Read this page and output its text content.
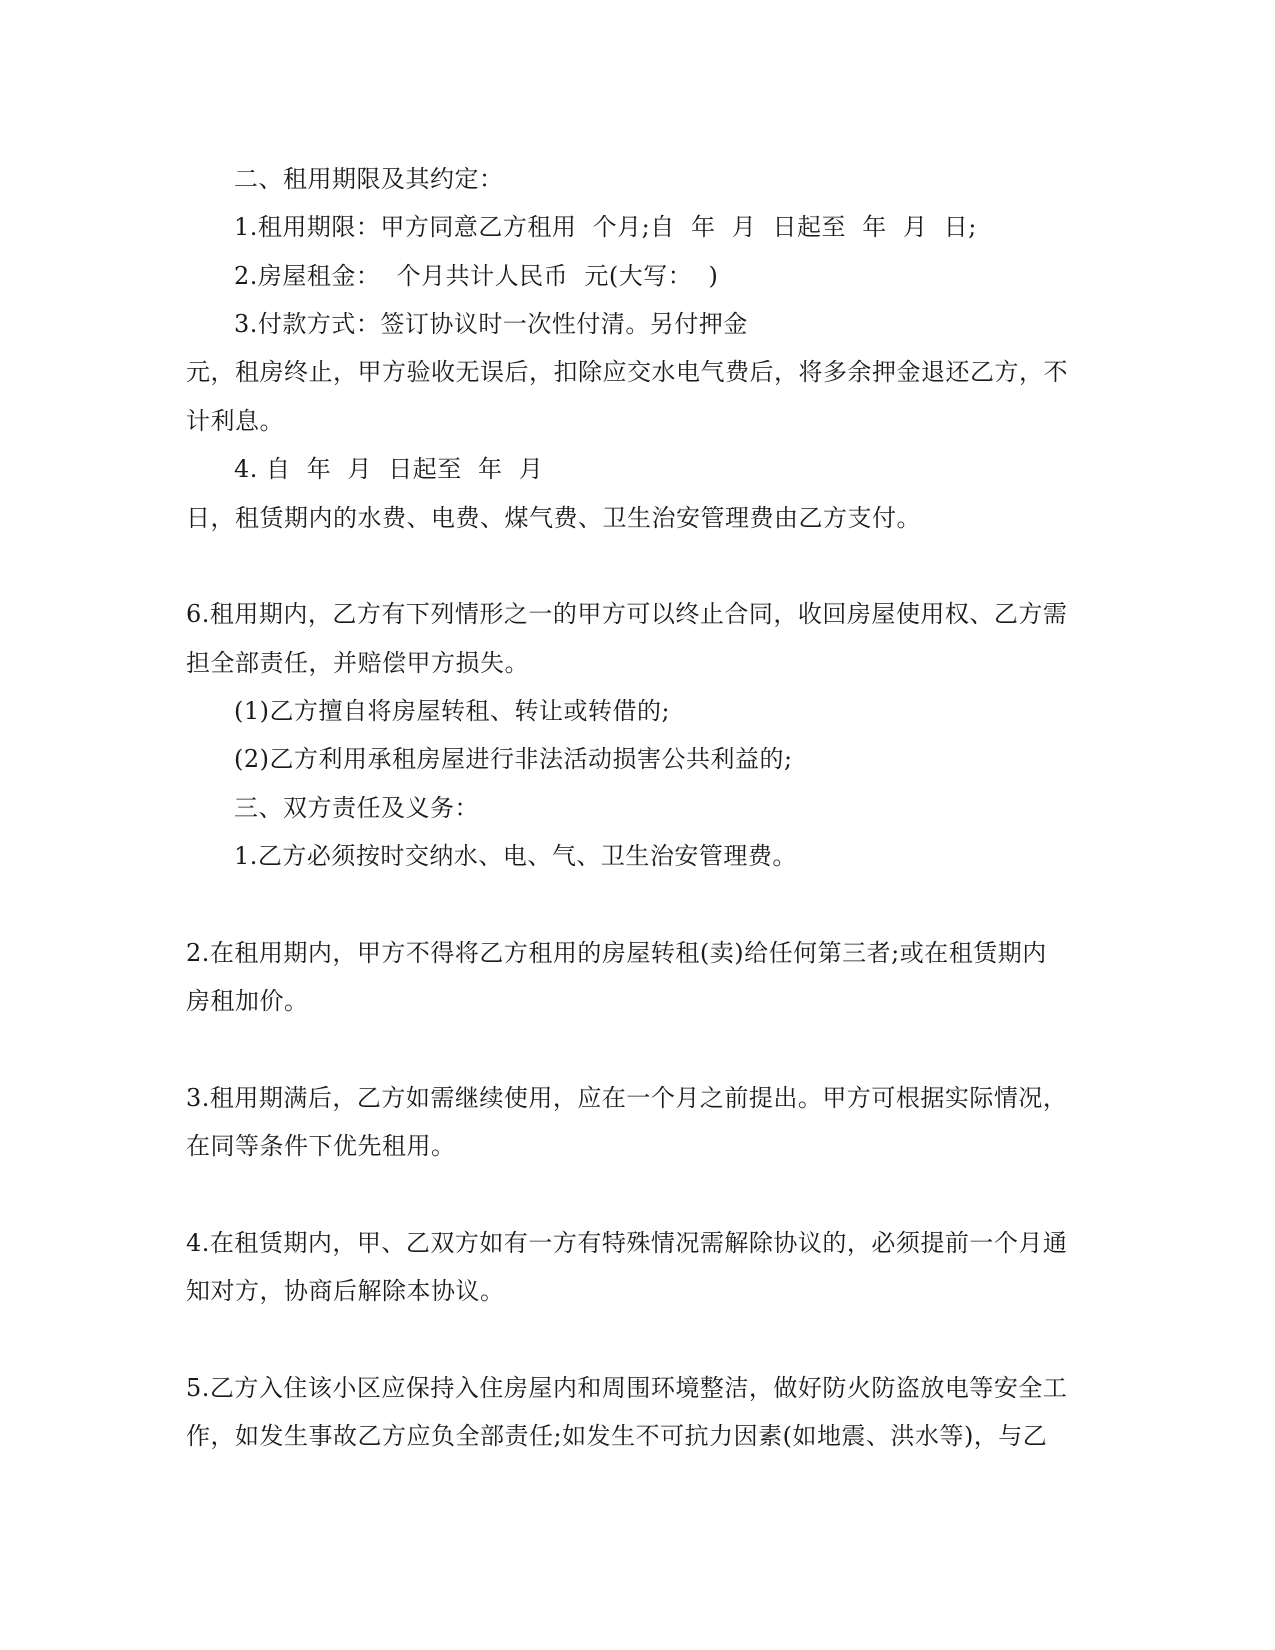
二、租用期限及其约定：
1.租用期限：甲方同意乙方租用  个月;自  年  月  日起至  年  月  日;
2.房屋租金：  个月共计人民币  元(大写：  )
3.付款方式：签订协议时一次性付清。另付押金
元，租房终止，甲方验收无误后，扣除应交水电气费后，将多余押金退还乙方，不
计利息。
4. 自  年  月  日起至  年  月
日，租赁期内的水费、电费、煤气费、卫生治安管理费由乙方支付。
6.租用期内，乙方有下列情形之一的甲方可以终止合同，收回房屋使用权、乙方需
担全部责任，并赔偿甲方损失。
(1)乙方擅自将房屋转租、转让或转借的;
(2)乙方利用承租房屋进行非法活动损害公共利益的;
三、双方责任及义务：
1.乙方必须按时交纳水、电、气、卫生治安管理费。
2.在租用期内，甲方不得将乙方租用的房屋转租(卖)给任何第三者;或在租赁期内
房租加价。
3.租用期满后，乙方如需继续使用，应在一个月之前提出。甲方可根据实际情况，
在同等条件下优先租用。
4.在租赁期内，甲、乙双方如有一方有特殊情况需解除协议的，必须提前一个月通
知对方，协商后解除本协议。
5.乙方入住该小区应保持入住房屋内和周围环境整洁，做好防火防盗放电等安全工
作，如发生事故乙方应负全部责任;如发生不可抗力因素(如地震、洪水等)，与乙
